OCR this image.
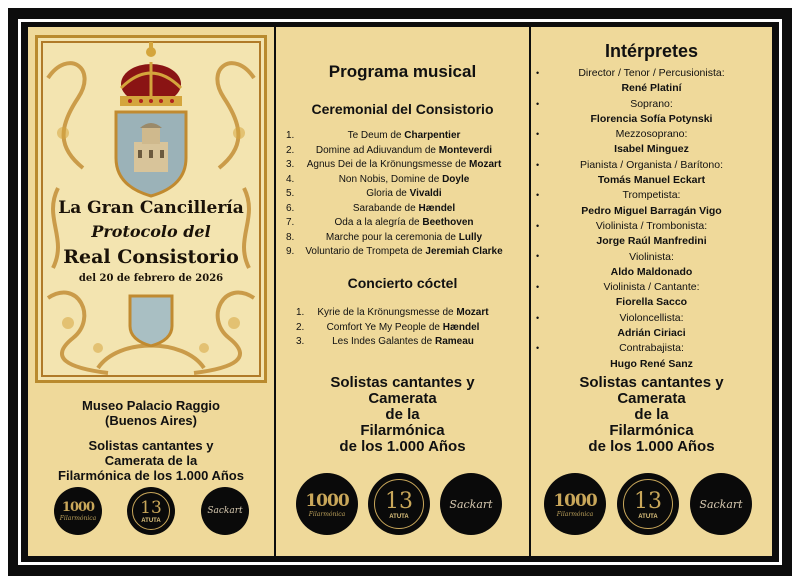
La Gran Cancillería
Protocolo del
Real Consistorio
del 20 de febrero de 2026
Museo Palacio Raggio
(Buenos Aires)
Solistas cantantes y
Camerata de la
Filarmónica de los 1.000 Años
Programa musical
Ceremonial del Consistorio
1.	Te Deum de Charpentier
2. Domine ad Adiuvandum de Monteverdi
3. Agnus Dei de la Krönungsmesse de Mozart
4.	Non Nobis, Domine de Doyle
5.	Gloria de Vivaldi
6.	Sarabande de Hændel
7.	Oda a la alegría de Beethoven
8.	Marche pour la ceremonia de Lully
9. Voluntario de Trompeta de Jeremiah Clarke
Concierto cóctel
1. Kyrie de la Krönungsmesse de Mozart
2. Comfort Ye My People de Hændel
3.	Les Indes Galantes de Rameau
Solistas cantantes y
Camerata
de la
Filarmónica
de los 1.000 Años
Intérpretes
Director / Tenor / Percusionista:
René Platiní
Soprano:
Florencia Sofía Potynski
Mezzosoprano:
Isabel Minguez
Pianista / Organista / Barítono:
Tomás Manuel Eckart
Trompetista:
Pedro Miguel Barragán Vigo
Violinista / Trombonista:
Jorge Raúl Manfredini
Violinista:
Aldo Maldonado
Violinista / Cantante:
Fiorella Sacco
Violoncellista:
Adrián Ciriaci
Contrabajista:
Hugo René Sanz
•
•
•
•
•
•
•
•
•
•
Solistas cantantes y
Camerata
de la
Filarmónica
de los 1.000 Años
1000
Filarmónica
13
ATUTA
Sackart
1000
Filarmónica
13
ATUTA
Sackart	1000
Filarmónica
13
ATUTA
Sackart
